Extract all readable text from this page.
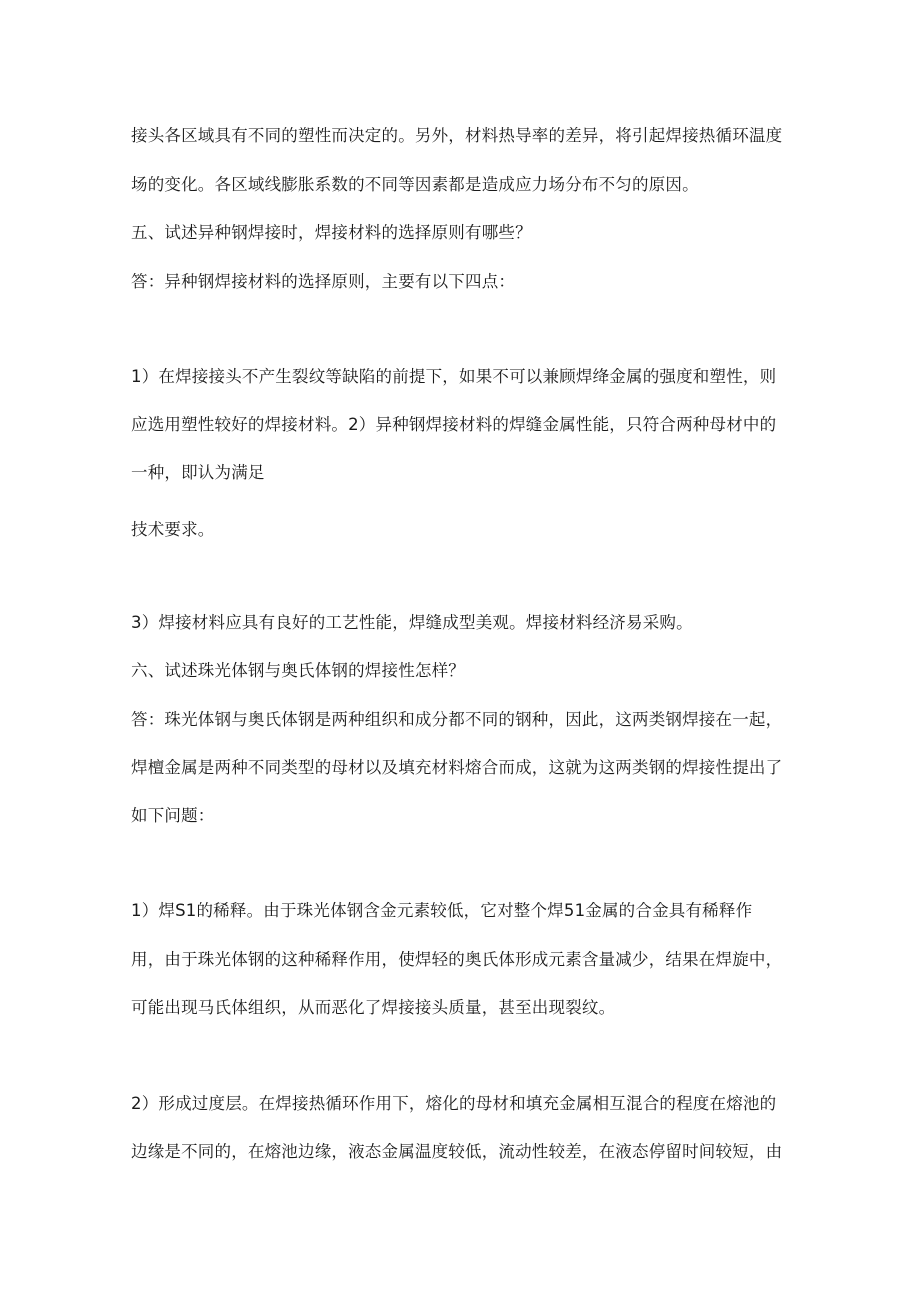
接头各区域具有不同的塑性而决定的。另外，材料热导率的差异，将引起焊接热循环温度
场的变化。各区域线膨胀系数的不同等因素都是造成应力场分布不匀的原因。
五、试述异种钢焊接时，焊接材料的选择原则有哪些？
答：异种钢焊接材料的选择原则，主要有以下四点：
1）在焊接接头不产生裂纹等缺陷的前提下，如果不可以兼顾焊绛金属的强度和塑性，则
应选用塑性较好的焊接材料。2）异种钢焊接材料的焊缝金属性能，只符合两种母材中的
一种，即认为满足
技术要求。
3）焊接材料应具有良好的工艺性能，焊缝成型美观。焊接材料经济易采购。
六、试述珠光体钢与奥氏体钢的焊接性怎样？
答：珠光体钢与奥氏体钢是两种组织和成分都不同的钢种，因此，这两类钢焊接在一起，
焊檀金属是两种不同类型的母材以及填充材料熔合而成，这就为这两类钢的焊接性提出了
如下问题：
1）焊S1的稀释。由于珠光体钢含金元素较低，它对整个焊51金属的合金具有稀释作
用，由于珠光体钢的这种稀释作用，使焊轻的奥氏体形成元素含量减少，结果在焊旋中，
可能出现马氏体组织，从而恶化了焊接接头质量，甚至出现裂纹。
2）形成过度层。在焊接热循环作用下，熔化的母材和填充金属相互混合的程度在熔池的
边缘是不同的，在熔池边缘，液态金属温度较低，流动性较差，在液态停留时间较短，由
